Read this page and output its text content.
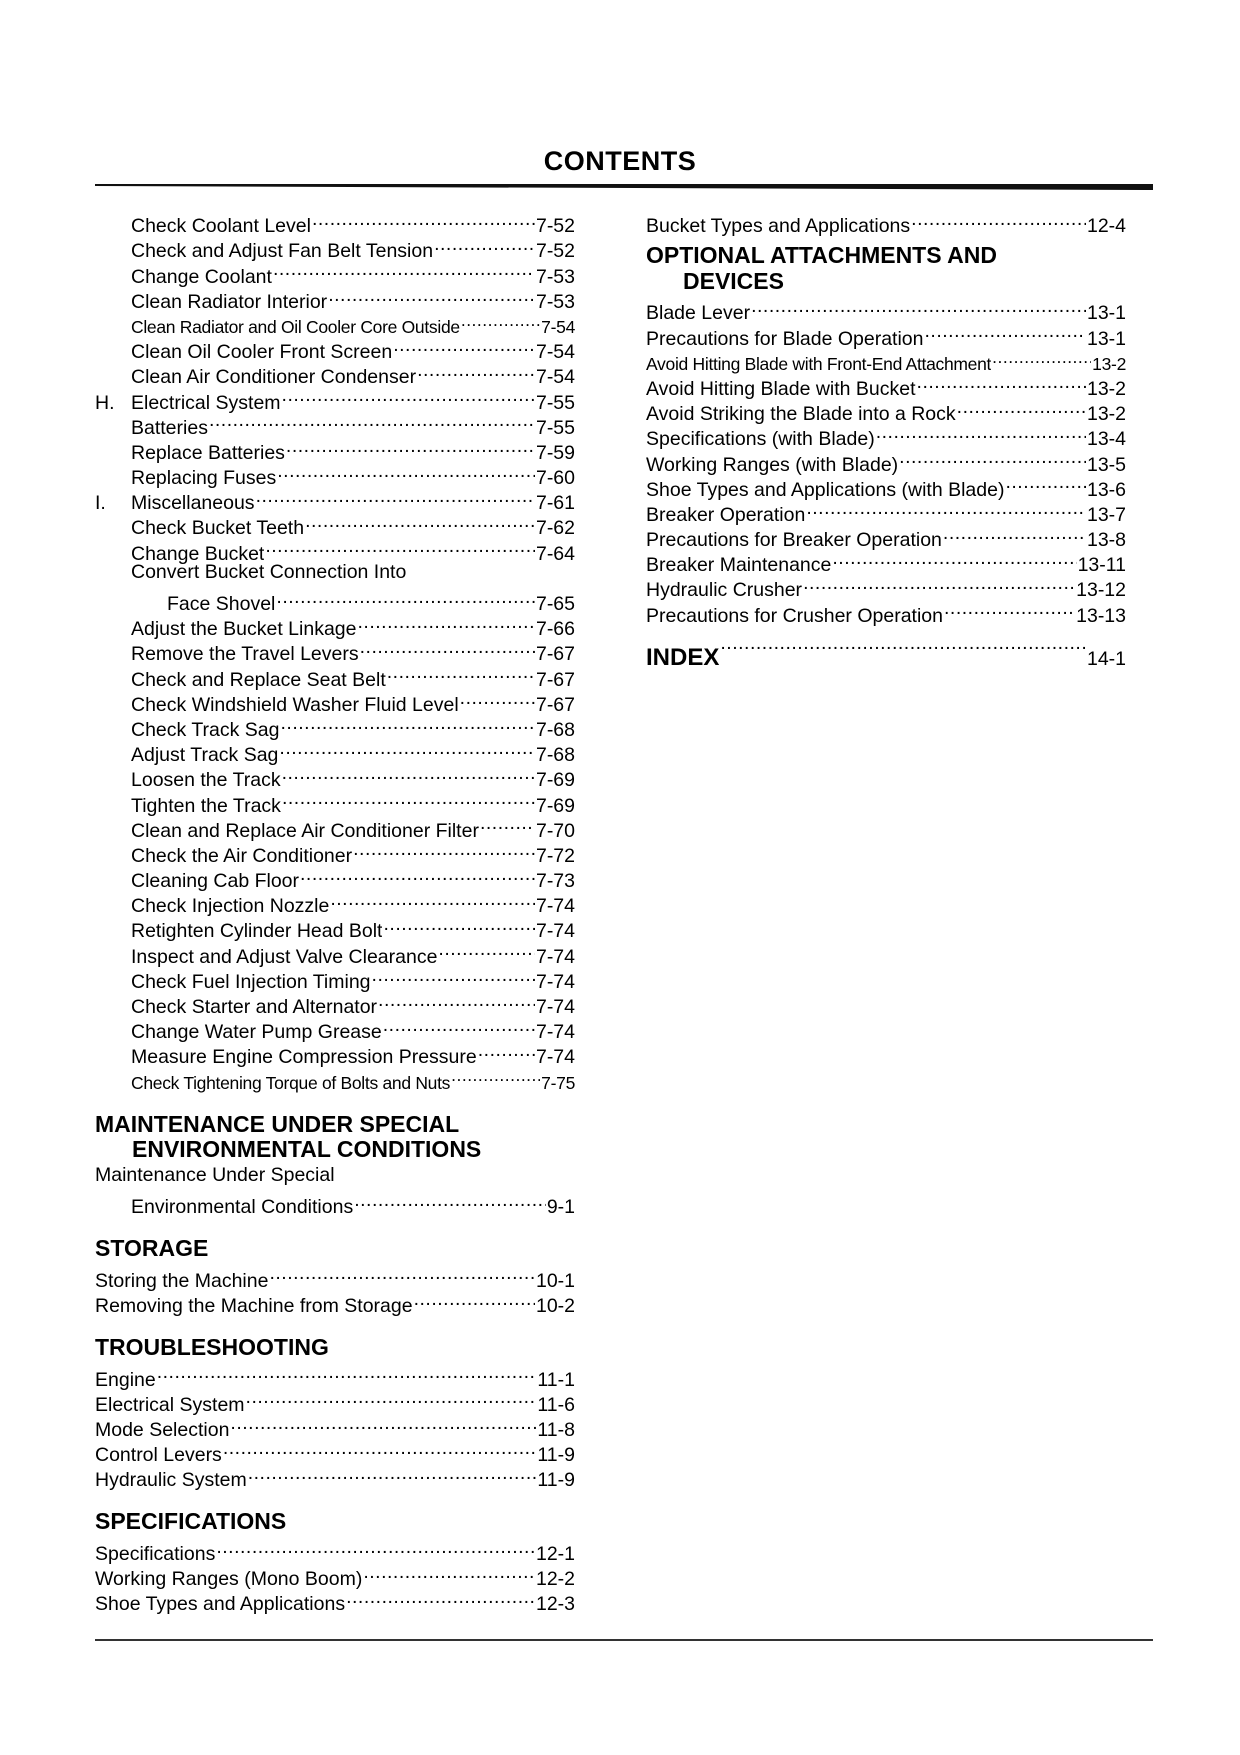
CONTENTS
Check Coolant Level .....	7-52
Check and Adjust Fan Belt Tension .....	7-52
Change Coolant .....	7-53
Clean Radiator Interior .....	7-53
Clean Radiator and Oil Cooler Core Outside .....	7-54
Clean Oil Cooler Front Screen .....	7-54
Clean Air Conditioner Condenser .....	7-54
H. Electrical System .....	7-55
Batteries .....	7-55
Replace Batteries .....	7-59
Replacing Fuses .....	7-60
I.	Miscellaneous .....	7-61
Check Bucket Teeth .....	7-62
Change Bucket .....	7-64
Convert Bucket Connection Into
Face Shovel .....	7-65
Adjust the Bucket Linkage .....	7-66
Remove the Travel Levers .....	7-67
Check and Replace Seat Belt .....	7-67
Check Windshield Washer Fluid Level .....	7-67
Check Track Sag .....	7-68
Adjust Track Sag .....	7-68
Loosen the Track .....	7-69
Tighten the Track .....	7-69
Clean and Replace Air Conditioner Filter .....	7-70
Check the Air Conditioner .....	7-72
Cleaning Cab Floor .....	7-73
Check Injection Nozzle .....	7-74
Retighten Cylinder Head Bolt .....	7-74
Inspect and Adjust Valve Clearance .....	7-74
Check Fuel Injection Timing .....	7-74
Check Starter and Alternator .....	7-74
Change Water Pump Grease .....	7-74
Measure Engine Compression Pressure .....	7-74
Check Tightening Torque of Bolts and Nuts .....	7-75
MAINTENANCE UNDER SPECIAL
ENVIRONMENTAL CONDITIONS
Maintenance Under Special
Environmental Conditions .....	9-1
STORAGE
Storing the Machine .....	10-1
Removing the Machine from Storage .....	10-2
TROUBLESHOOTING
Engine .....	11-1
Electrical System .....	11-6
Mode Selection .....	11-8
Control Levers .....	11-9
Hydraulic System .....	11-9
SPECIFICATIONS
Specifications .....	12-1
Working Ranges (Mono Boom) .....	12-2
Shoe Types and Applications .....	12-3
Bucket Types and Applications .....	12-4
OPTIONAL ATTACHMENTS AND
DEVICES
Blade Lever .....	13-1
Precautions for Blade Operation .....	13-1
Avoid Hitting Blade with Front-End Attachment .....	13-2
Avoid Hitting Blade with Bucket .....	13-2
Avoid Striking the Blade into a Rock .....	13-2
Specifications (with Blade) .....	13-4
Working Ranges (with Blade) .....	13-5
Shoe Types and Applications (with Blade) .....	13-6
Breaker Operation .....	13-7
Precautions for Breaker Operation .....	13-8
Breaker Maintenance .....	13-11
Hydraulic Crusher .....	13-12
Precautions for Crusher Operation .....	13-13
INDEX .....	14-1
